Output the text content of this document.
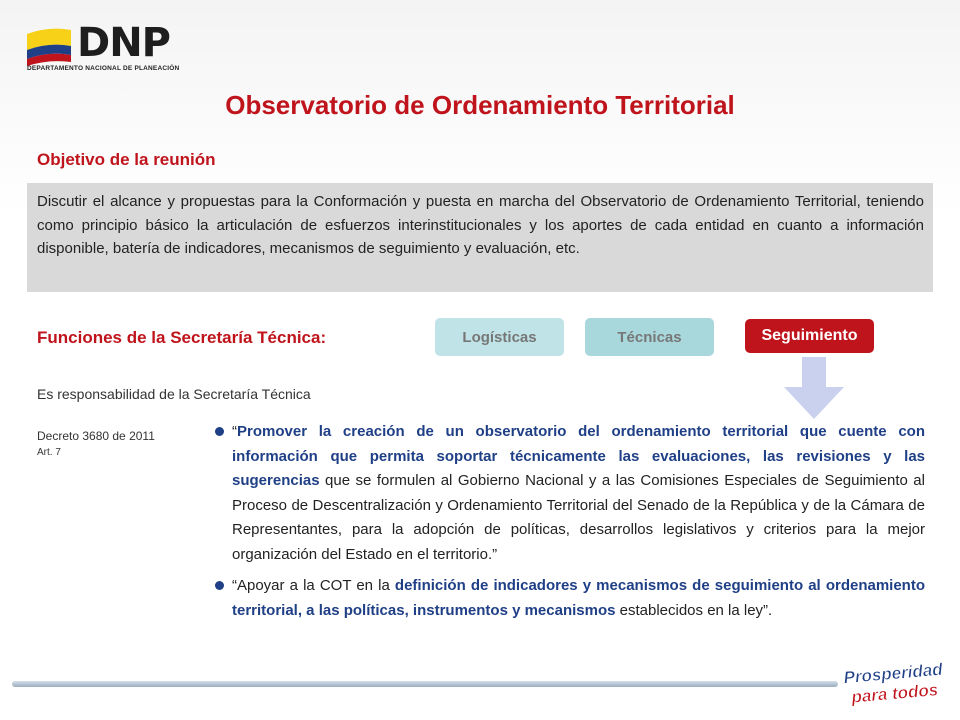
DNP
DEPARTAMENTO NACIONAL DE PLANEACIÓN
Observatorio de Ordenamiento Territorial
Objetivo de la reunión
Discutir el alcance y propuestas para la Conformación y puesta en marcha del Observatorio de Ordenamiento Territorial, teniendo como principio básico la articulación de esfuerzos interinstitucionales y los aportes de cada entidad en cuanto a información disponible, batería de indicadores, mecanismos de seguimiento y evaluación, etc.
Funciones de la Secretaría Técnica:	Logísticas	Técnicas	Seguimiento
Es responsabilidad de la Secretaría Técnica
Decreto 3680 de 2011
Art. 7
“Promover la creación de un observatorio del ordenamiento territorial que cuente con información que permita soportar técnicamente las evaluaciones, las revisiones y las sugerencias que se formulen al Gobierno Nacional y a las Comisiones Especiales de Seguimiento al Proceso de Descentralización y Ordenamiento Territorial del Senado de la República y de la Cámara de Representantes, para la adopción de políticas, desarrollos legislativos y criterios para la mejor organización del Estado en el territorio.”
“Apoyar a la COT en la definición de indicadores y mecanismos de seguimiento al ordenamiento territorial, a las políticas, instrumentos y mecanismos establecidos en la ley”.
Prosperidad
para todos
